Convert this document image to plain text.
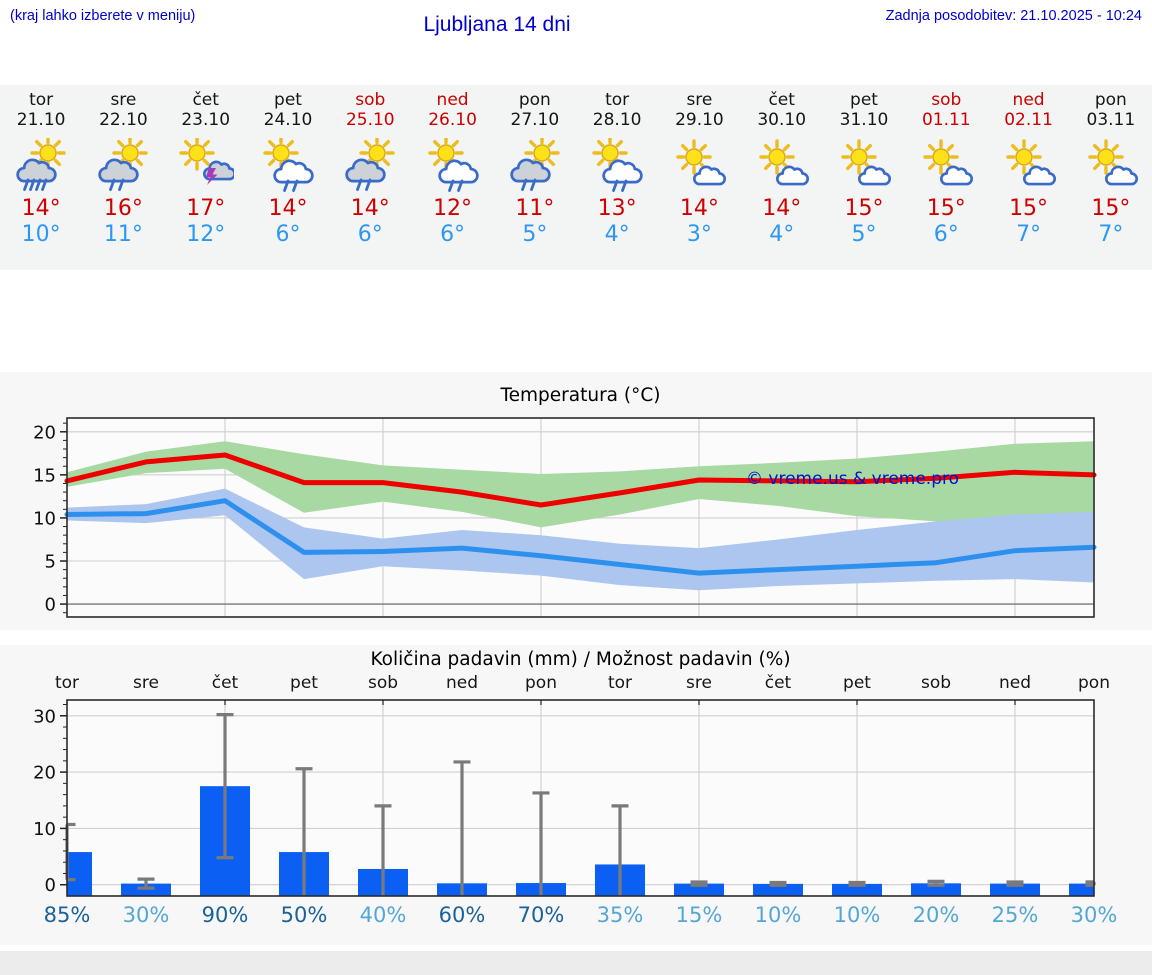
(kraj lahko izberete v meniju)	Ljubljana 14 dni	Zadnja posodobitev: 21.10.2025 - 10:24
tor
21.10
14°
10°
sre
22.10
16°
11°
čet
23.10
17°
12°
pet
24.10
14°
6°
sob
25.10
14°
6°
ned
26.10
12°
6°
pon
27.10
11°
5°
tor
28.10
13°
4°
sre
29.10
14°
3°
čet
30.10
14°
4°
pet
31.10
15°
5°
sob
01.11
15°
6°
ned
02.11
15°
7°
pon
03.11
15°
7°
Temperatura (°C)
0
5
10
15
20
© vreme.us & vreme.pro
Količina padavin (mm) / Možnost padavin (%)
tor	sre	čet	pet	sob	ned	pon	tor	sre	čet	pet	sob	ned	pon
0
10
20
30
85%	30%	90%	50%	40%	60%	70%	35%	15%	10%	10%	20%	25%	30%
